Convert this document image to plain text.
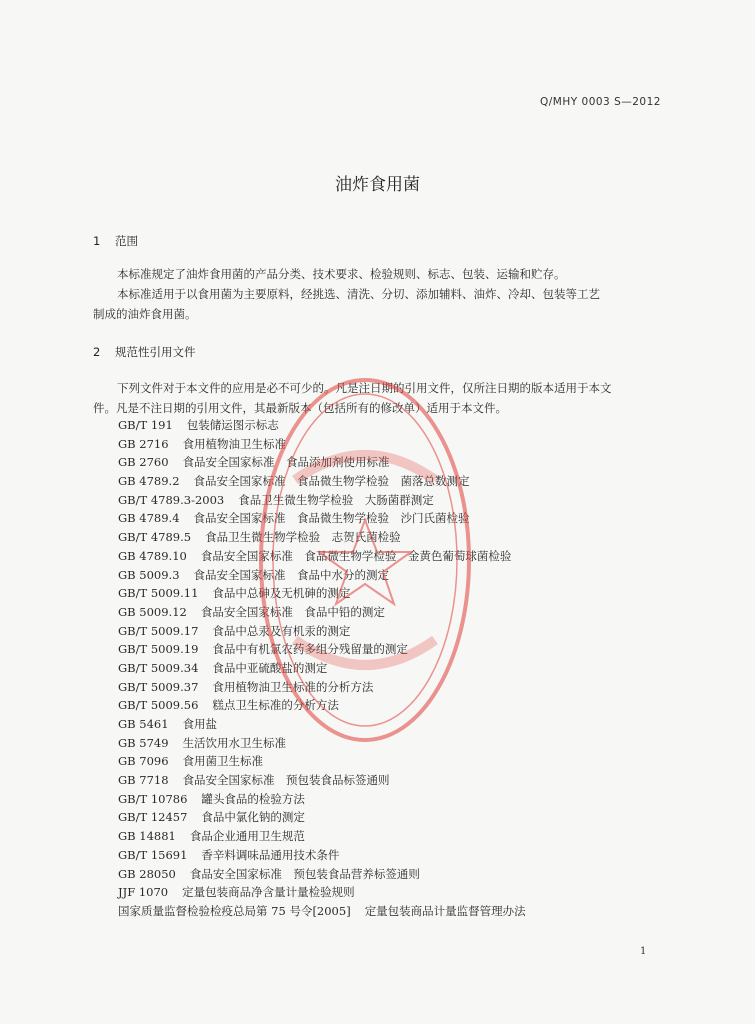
Q/MHY 0003 S—2012
油炸食用菌
1 范围

本标准规定了油炸食用菌的产品分类、技术要求、检验规则、标志、包装、运输和贮存。

本标准适用于以食用菌为主要原料，经挑选、清洗、分切、添加辅料、油炸、冷却、包装等工艺

制成的油炸食用菌。

2 规范性引用文件

下列文件对于本文件的应用是必不可少的。凡是注日期的引用文件，仅所注日期的版本适用于本文

件。凡是不注日期的引用文件，其最新版本（包括所有的修改单）适用于本文件。

GB/T 191 包装储运图示标志
GB 2716 食用植物油卫生标准
GB 2760 食品安全国家标准　食品添加剂使用标准
GB 4789.2 食品安全国家标准　食品微生物学检验　菌落总数测定
GB/T 4789.3-2003 食品卫生微生物学检验　大肠菌群测定
GB 4789.4 食品安全国家标准　食品微生物学检验　沙门氏菌检验
GB/T 4789.5 食品卫生微生物学检验　志贺氏菌检验
GB 4789.10 食品安全国家标准　食品微生物学检验　金黄色葡萄球菌检验
GB 5009.3 食品安全国家标准　食品中水分的测定
GB/T 5009.11 食品中总砷及无机砷的测定
GB 5009.12 食品安全国家标准　食品中铅的测定
GB/T 5009.17 食品中总汞及有机汞的测定
GB/T 5009.19 食品中有机氯农药多组分残留量的测定
GB/T 5009.34 食品中亚硫酸盐的测定
GB/T 5009.37 食用植物油卫生标准的分析方法
GB/T 5009.56 糕点卫生标准的分析方法
GB 5461 食用盐
GB 5749 生活饮用水卫生标准
GB 7096 食用菌卫生标准
GB 7718 食品安全国家标准　预包装食品标签通则
GB/T 10786 罐头食品的检验方法
GB/T 12457 食品中氯化钠的测定
GB 14881 食品企业通用卫生规范
GB/T 15691 香辛料调味品通用技术条件
GB 28050 食品安全国家标准　预包装食品营养标签通则
JJF 1070 定量包装商品净含量计量检验规则
国家质量监督检验检疫总局第 75 号令[2005] 定量包装商品计量监督管理办法
1
